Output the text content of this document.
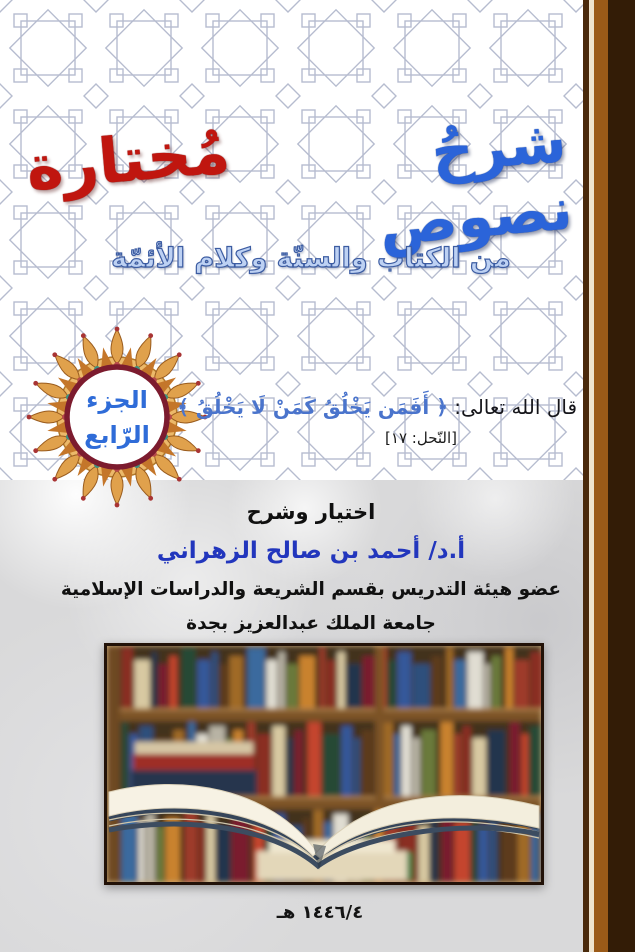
شرحُ نصوص
مُختارة
من الكتاب والسنّة وكلام الأئمّة
الجزء
الرّابع
قال الله تعالى: ﴿ أَفَمَن يَخْلُقُ كَمَنْ لَا يَخْلُقُ ﴾
[النّحل: ١٧]
اختيار وشرح
أ.د/ أحمد بن صالح الزهراني
عضو هيئة التدريس بقسم الشريعة والدراسات الإسلامية
جامعة الملك عبدالعزيز بجدة
١٤٤٦/٤ هـ
